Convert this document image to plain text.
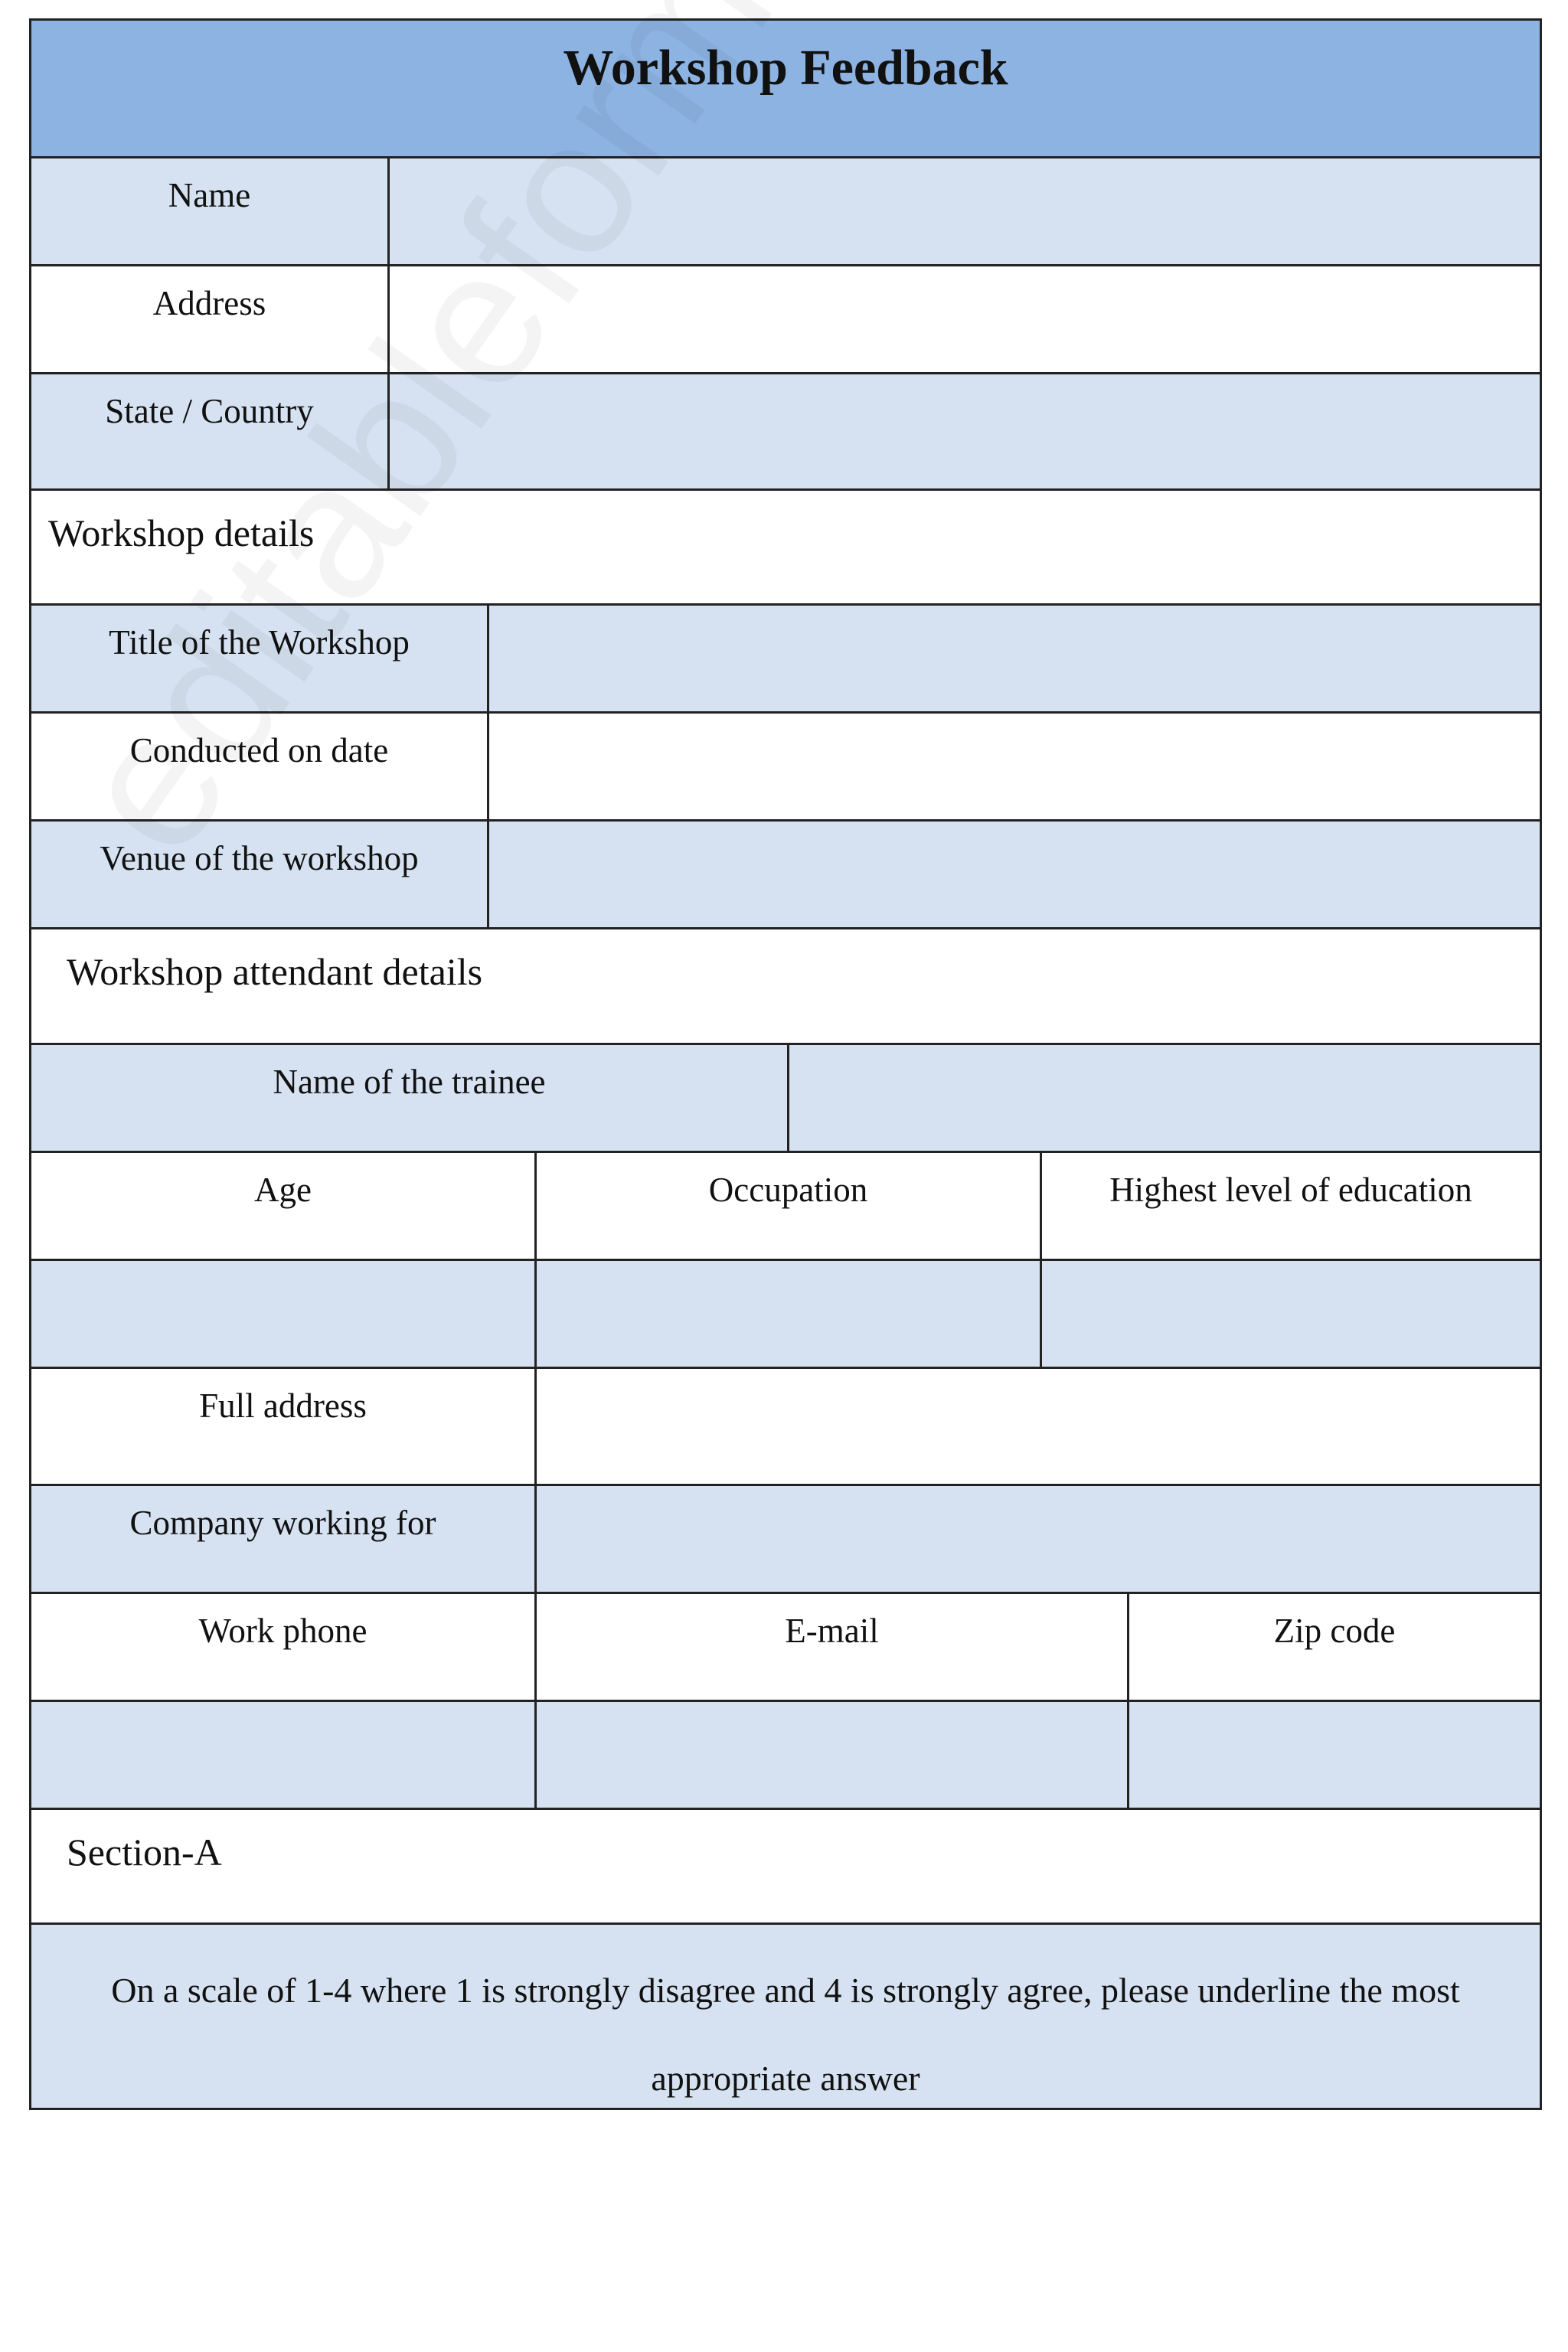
Workshop Feedback
Name
Address
State / Country
Workshop details
Title of the Workshop
Conducted on date
Venue of the workshop
Workshop attendant details
Name of the trainee
Age	Occupation	Highest level of education
Full address
Company working for
Work phone	E-mail	Zip code
Section-A
On a scale of 1-4 where 1 is strongly disagree and 4 is strongly agree, please underline the most appropriate answer
